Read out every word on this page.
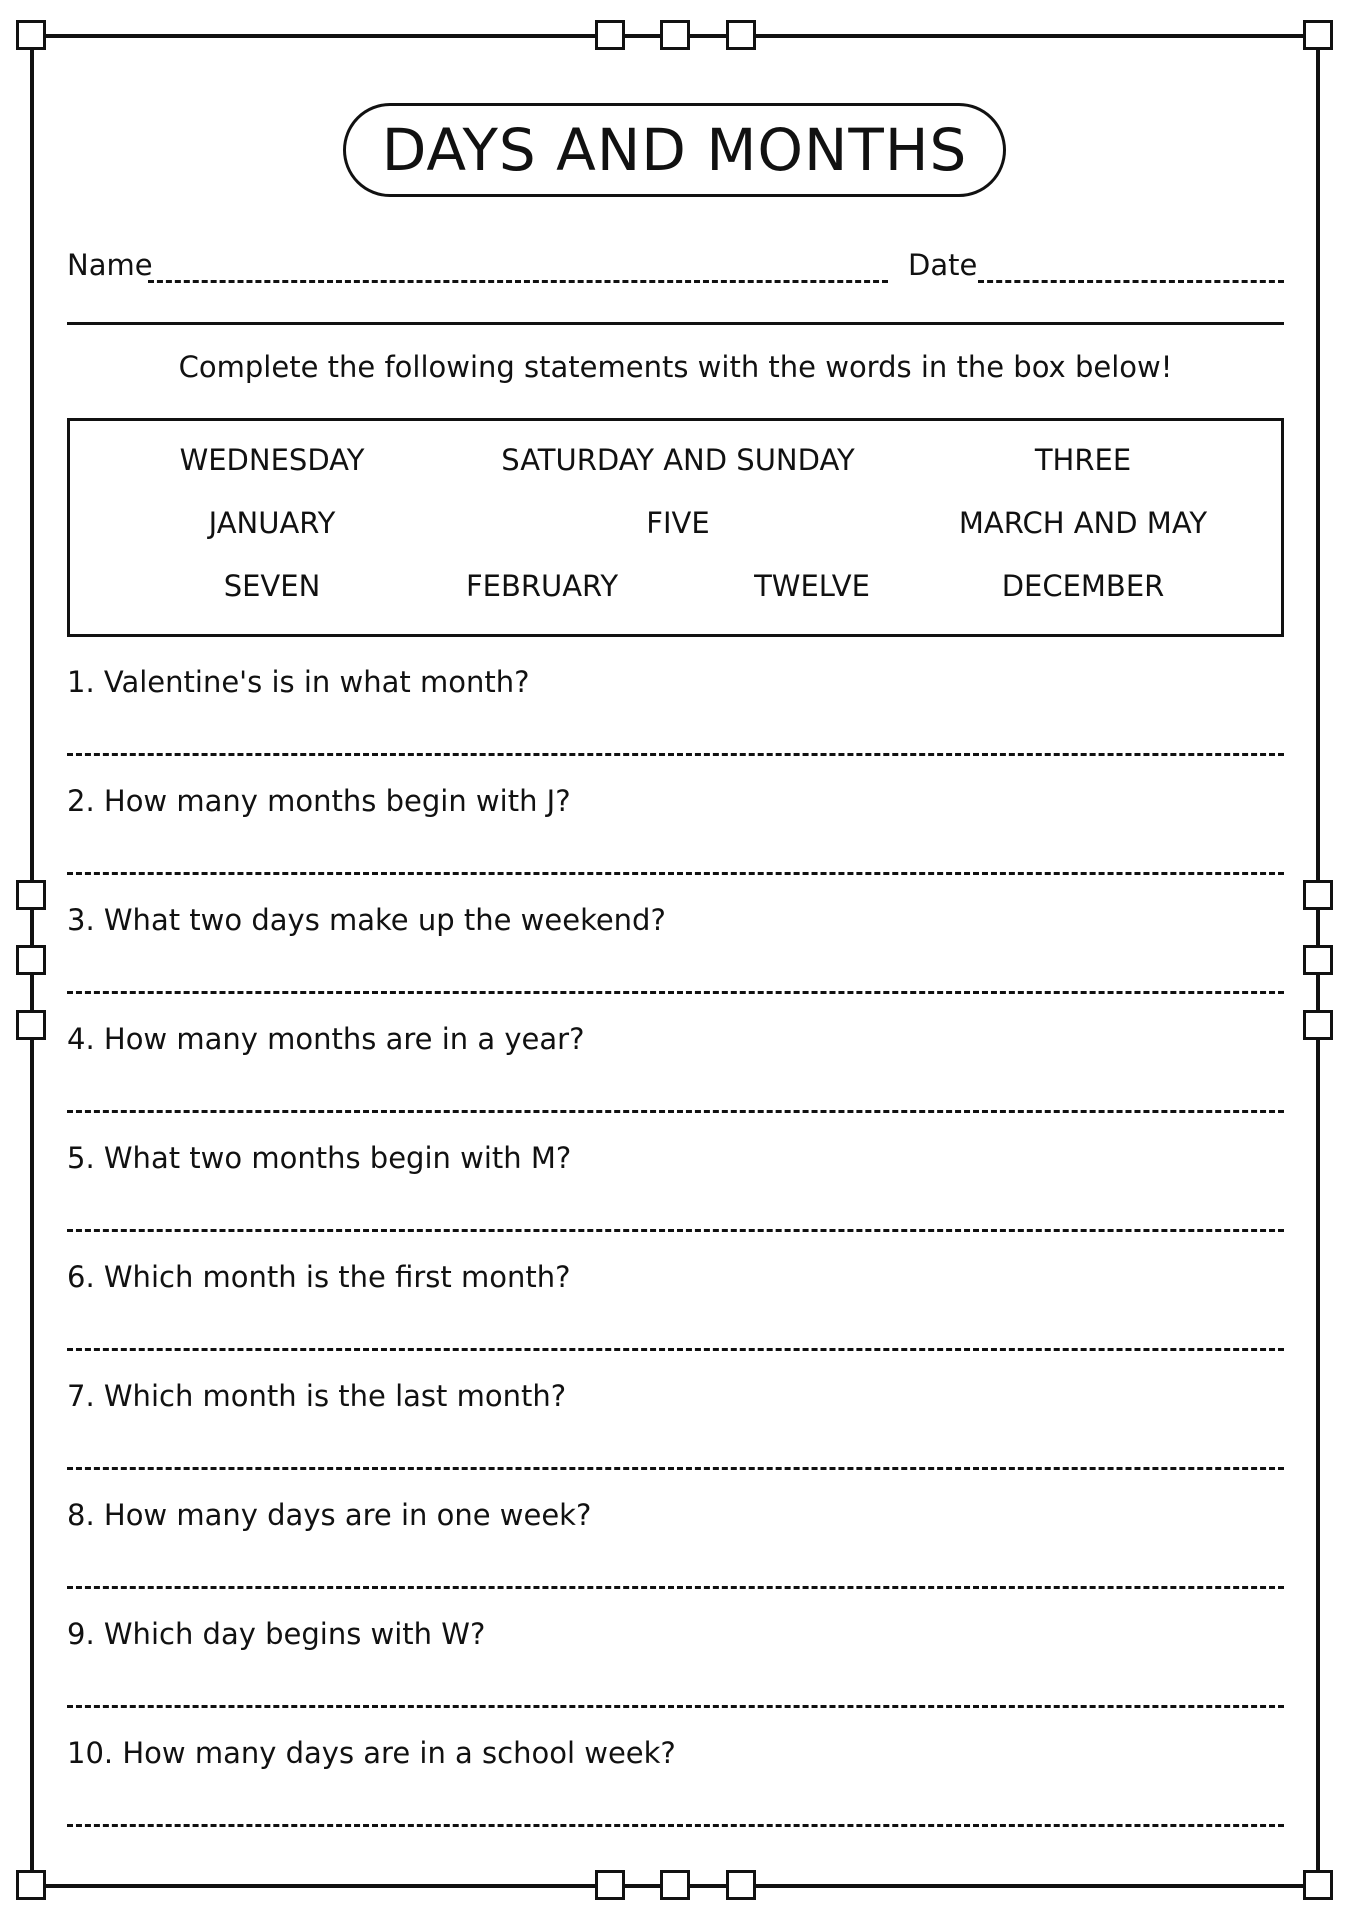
DAYS AND MONTHS
Name	Date
Complete the following statements with the words in the box below!
WEDNESDAY	SATURDAY AND SUNDAY	THREE
JANUARY	FIVE	MARCH AND MAY
SEVEN	FEBRUARY	TWELVE	DECEMBER
1. Valentine's is in what month?
2. How many months begin with J?
3. What two days make up the weekend?
4. How many months are in a year?
5. What two months begin with M?
6. Which month is the first month?
7. Which month is the last month?
8. How many days are in one week?
9. Which day begins with W?
10. How many days are in a school week?
